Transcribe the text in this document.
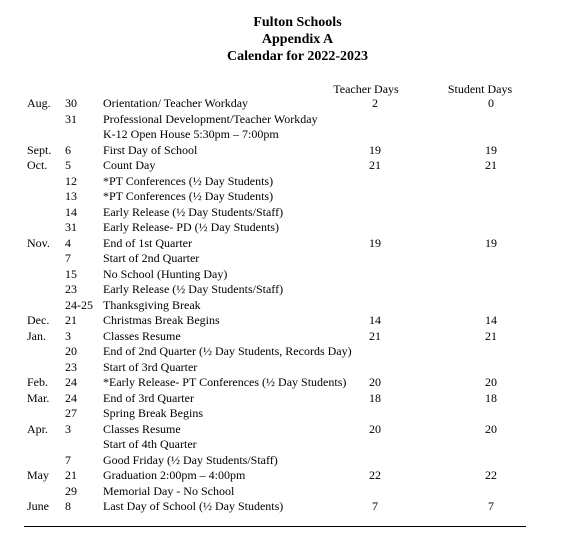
Fulton Schools
Appendix A
Calendar for 2022-2023
Teacher Days	Student Days
Aug. 30 Orientation/ Teacher Workday	2	0
31 Professional Development/Teacher Workday
K-12 Open House 5:30pm – 7:00pm
Sept. 6	First Day of School	19	19
Oct. 5	Count Day	21	21
12 *PT Conferences (½ Day Students)
13 *PT Conferences (½ Day Students)
14 Early Release (½ Day Students/Staff)
31 Early Release- PD (½ Day Students)
Nov. 4	End of 1st Quarter	19	19
7	Start of 2nd Quarter
15 No School (Hunting Day)
23 Early Release (½ Day Students/Staff)
24-25 Thanksgiving Break
Dec. 21 Christmas Break Begins	14	14
Jan. 3	Classes Resume	21	21
20 End of 2nd Quarter (½ Day Students, Records Day)
23 Start of 3rd Quarter
Feb. 24 *Early Release- PT Conferences (½ Day Students)	20	20
Mar. 24 End of 3rd Quarter	18	18
27 Spring Break Begins
Apr. 3	Classes Resume	20	20
Start of 4th Quarter
7	Good Friday (½ Day Students/Staff)
May 21 Graduation 2:00pm – 4:00pm	22	22
29 Memorial Day - No School
June 8	Last Day of School (½ Day Students)	7	7
